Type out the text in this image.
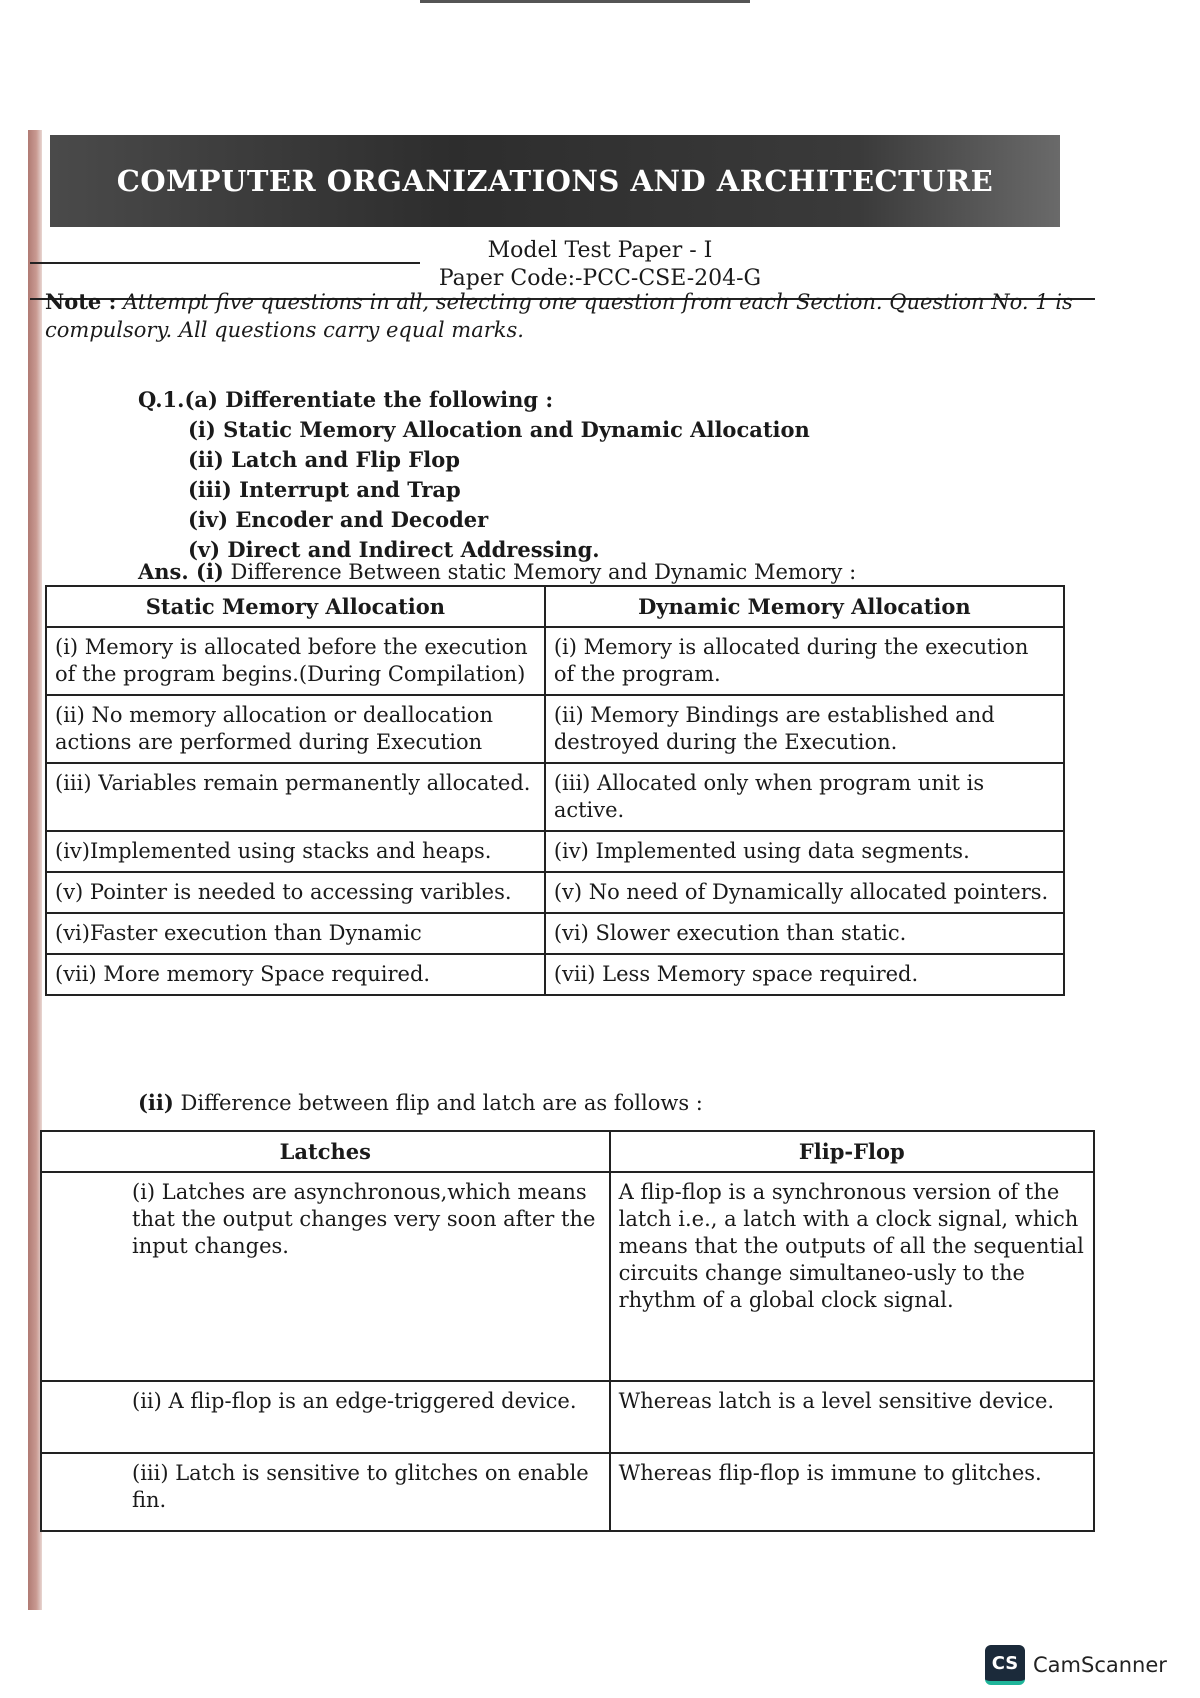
COMPUTER ORGANIZATIONS AND ARCHITECTURE
Model Test Paper - I
Paper Code:-PCC-CSE-204-G
Note : Attempt five questions in all, selecting one question from each Section. Question No. 1 is compulsory. All questions carry equal marks.
Q.1.(a) Differentiate the following :
(i) Static Memory Allocation and Dynamic Allocation
(ii) Latch and Flip Flop
(iii) Interrupt and Trap
(iv) Encoder and Decoder
(v) Direct and Indirect Addressing.
Ans. (i) Difference Between static Memory and Dynamic Memory :
Static Memory Allocation	Dynamic Memory Allocation
(i) Memory is allocated before the execution of the program begins.(During Compilation)	(i) Memory is allocated during the execution of the program.
(ii) No memory allocation or deallocation actions are performed during Execution	(ii) Memory Bindings are established and destroyed during the Execution.
(iii) Variables remain permanently allocated.	(iii) Allocated only when program unit is active.
(iv)Implemented using stacks and heaps.	(iv) Implemented using data segments.
(v) Pointer is needed to accessing varibles.	(v) No need of Dynamically allocated pointers.
(vi)Faster execution than Dynamic	(vi) Slower execution than static.
(vii) More memory Space required.	(vii) Less Memory space required.
(ii) Difference between flip and latch are as follows :
Latches	Flip-Flop
(i) Latches are asynchronous,which means that the output changes very soon after the input changes.	A flip-flop is a synchronous version of the latch i.e., a latch with a clock signal, which means that the outputs of all the sequential circuits change simultaneo-usly to the rhythm of a global clock signal.
(ii) A flip-flop is an edge-triggered device.	Whereas latch is a level sensitive device.
(iii) Latch is sensitive to glitches on enable fin.	Whereas flip-flop is immune to glitches.
CS CamScanner
